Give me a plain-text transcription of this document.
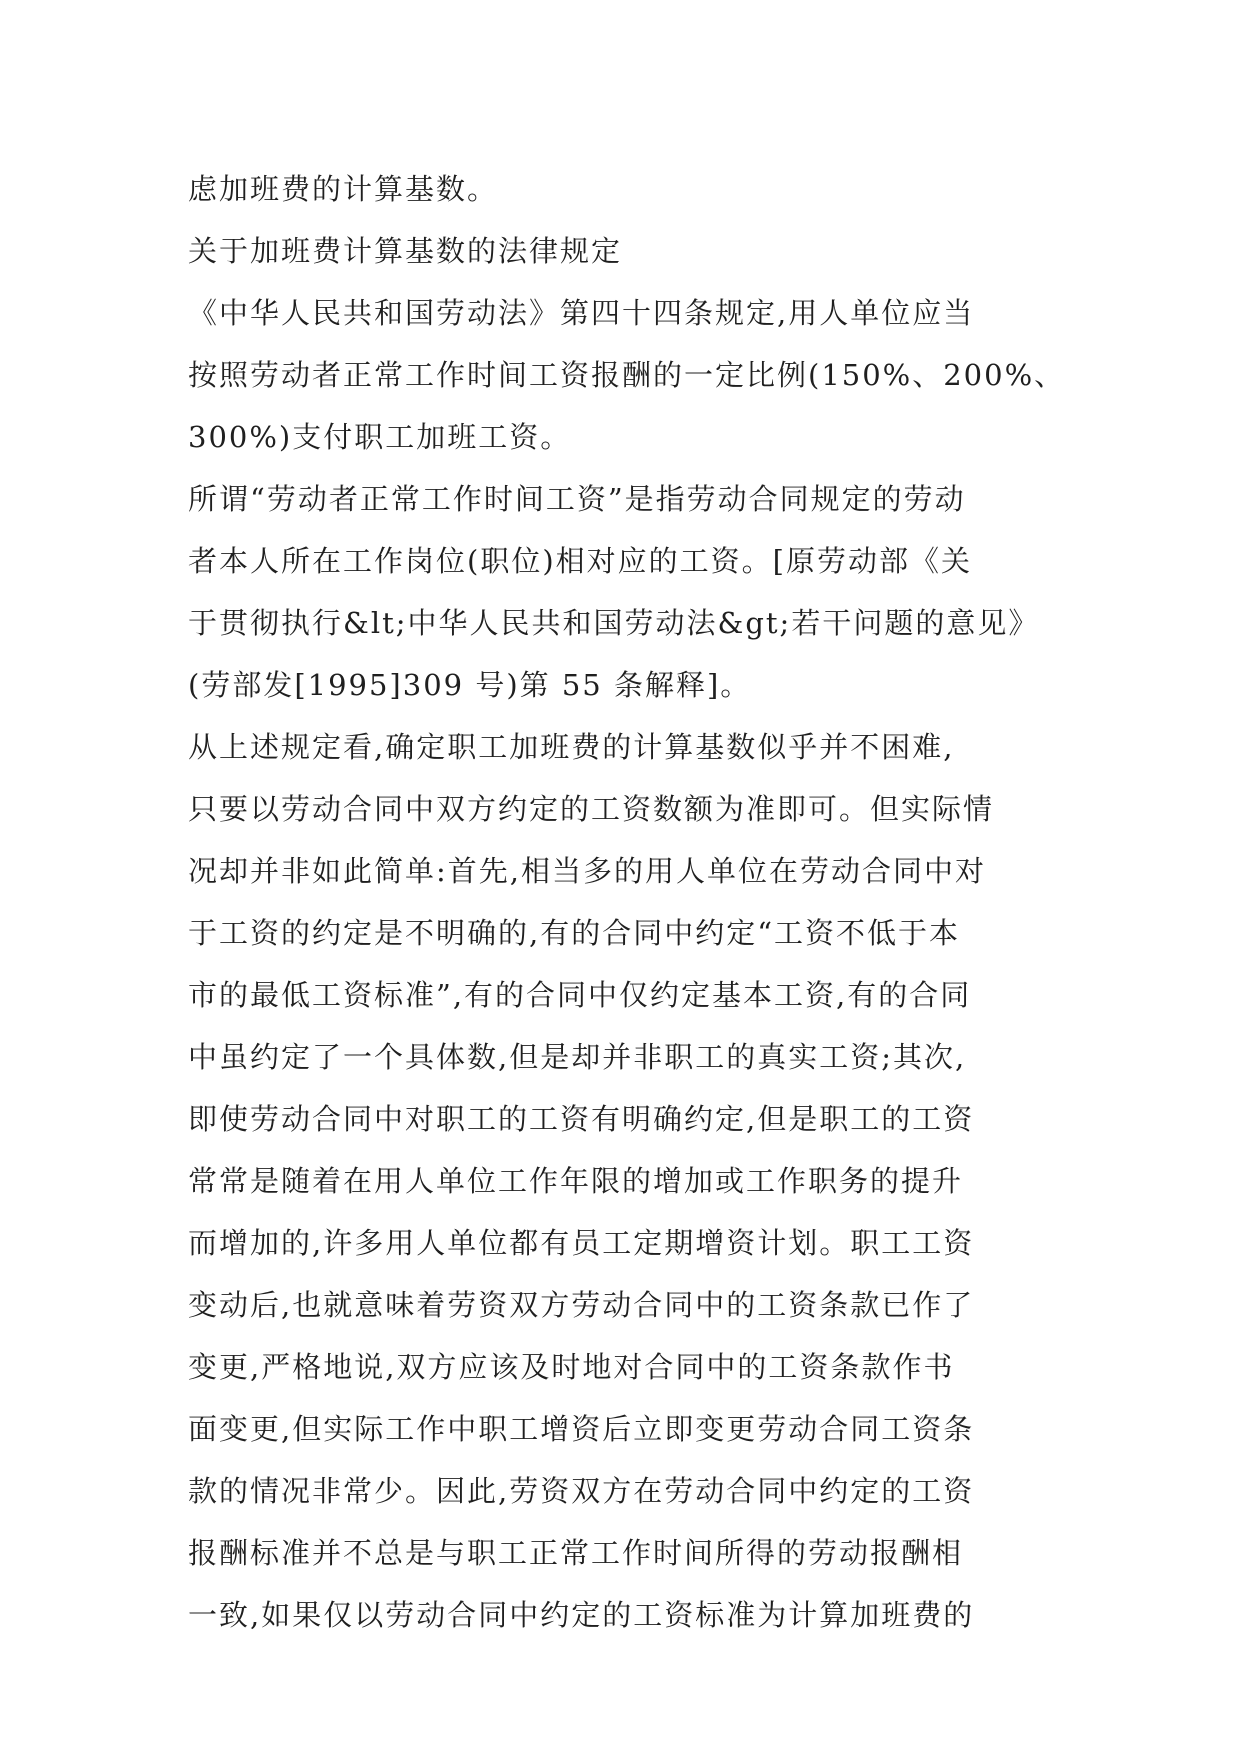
虑加班费的计算基数。
关于加班费计算基数的法律规定
《中华人民共和国劳动法》第四十四条规定,用人单位应当
按照劳动者正常工作时间工资报酬的一定比例(150%、200%、
300%)支付职工加班工资。
所谓“劳动者正常工作时间工资”是指劳动合同规定的劳动
者本人所在工作岗位(职位)相对应的工资。[原劳动部《关
于贯彻执行&lt;中华人民共和国劳动法&gt;若干问题的意见》
(劳部发[1995]309 号)第 55 条解释]。
从上述规定看,确定职工加班费的计算基数似乎并不困难,
只要以劳动合同中双方约定的工资数额为准即可。但实际情
况却并非如此简单:首先,相当多的用人单位在劳动合同中对
于工资的约定是不明确的,有的合同中约定“工资不低于本
市的最低工资标准”,有的合同中仅约定基本工资,有的合同
中虽约定了一个具体数,但是却并非职工的真实工资;其次,
即使劳动合同中对职工的工资有明确约定,但是职工的工资
常常是随着在用人单位工作年限的增加或工作职务的提升
而增加的,许多用人单位都有员工定期增资计划。职工工资
变动后,也就意味着劳资双方劳动合同中的工资条款已作了
变更,严格地说,双方应该及时地对合同中的工资条款作书
面变更,但实际工作中职工增资后立即变更劳动合同工资条
款的情况非常少。因此,劳资双方在劳动合同中约定的工资
报酬标准并不总是与职工正常工作时间所得的劳动报酬相
一致,如果仅以劳动合同中约定的工资标准为计算加班费的
